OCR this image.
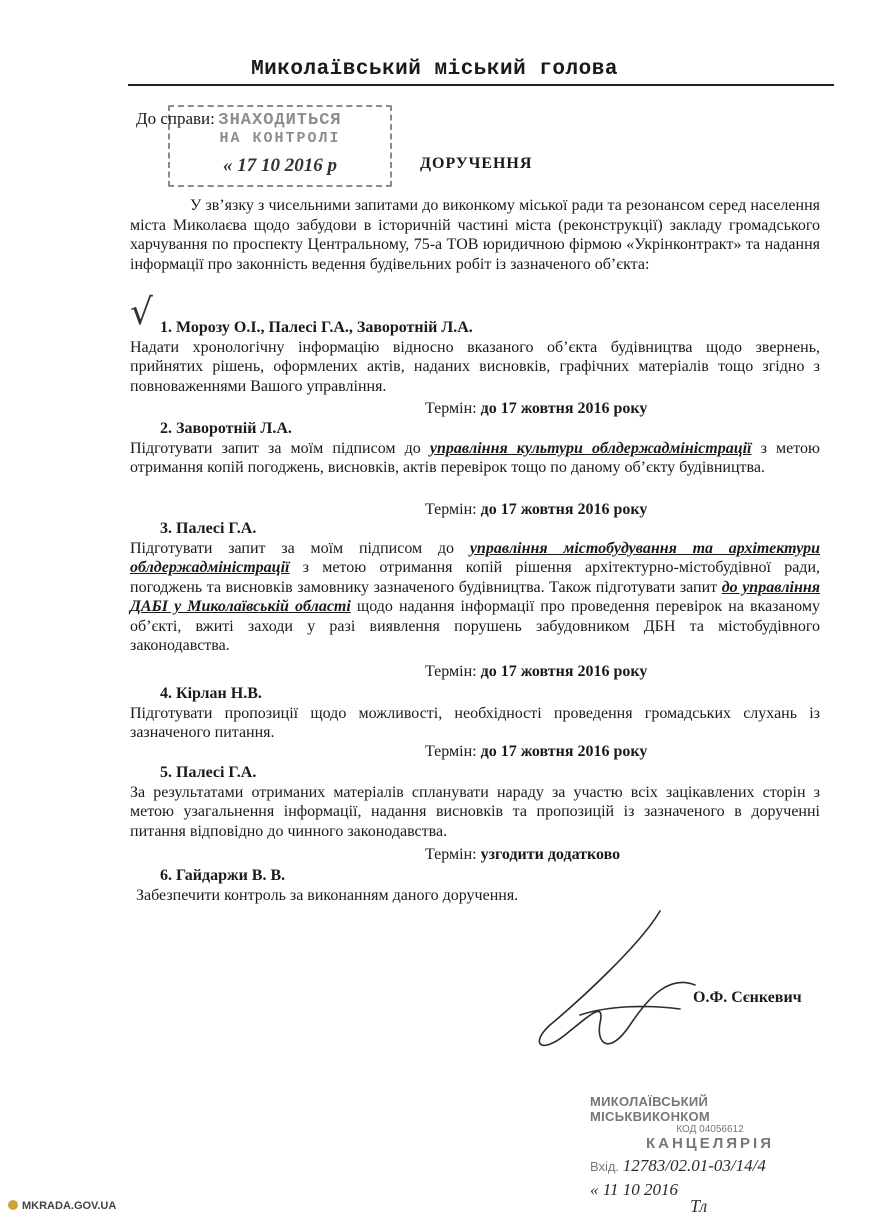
Миколаївський міський голова
ЗНАХОДИТЬСЯ
НА КОНТРОЛІ
« 17 10 2016 р
До справи:
ДОРУЧЕННЯ
У зв’язку з чисельними запитами до виконкому міської ради та резонансом серед населення міста Миколаєва щодо забудови в історичній частині міста (реконструкції) закладу громадського харчування по проспекту Центральному, 75-а ТОВ юридичною фірмою «Укрінконтракт» та надання інформації про законність ведення будівельних робіт із зазначеного об’єкта:
√ 1. Морозу О.І., Палесі Г.А., Заворотній Л.А.
Надати хронологічну інформацію відносно вказаного об’єкта будівництва щодо звернень, прийнятих рішень, оформлених актів, наданих висновків, графічних матеріалів тощо згідно з повноваженнями Вашого управління.
Термін: до 17 жовтня 2016 року
2. Заворотній Л.А.
Підготувати запит за моїм підписом до управління культури облдержадміністрації з метою отримання копій погоджень, висновків, актів перевірок тощо по даному об’єкту будівництва.
Термін: до 17 жовтня 2016 року
3. Палесі Г.А.
Підготувати запит за моїм підписом до управління містобудування та архітектури облдержадміністрації з метою отримання копій рішення архітектурно-містобудівної ради, погоджень та висновків замовнику зазначеного будівництва. Також підготувати запит до управління ДАБІ у Миколаївській області щодо надання інформації про проведення перевірок на вказаному об’єкті, вжиті заходи у разі виявлення порушень забудовником ДБН та містобудівного законодавства.
Термін: до 17 жовтня 2016 року
4. Кірлан Н.В.
Підготувати пропозиції щодо можливості, необхідності проведення громадських слухань із зазначеного питання.
Термін: до 17 жовтня 2016 року
5. Палесі Г.А.
За результатами отриманих матеріалів спланувати нараду за участю всіх зацікавлених сторін з метою узагальнення інформації, надання висновків та пропозицій із зазначеного в дорученні питання відповідно до чинного законодавства.
Термін: узгодити додатково
6. Гайдаржи В. В.
Забезпечити контроль за виконанням даного доручення.
О.Ф. Сєнкевич
МИКОЛАЇВСЬКИЙ МІСЬКВИКОНКОМ
КОД 04056612
КАНЦЕЛЯРІЯ
Вхід. 12783/02.01-03/14/4
« 11 10 2016
Тл
MKRADA.GOV.UA
